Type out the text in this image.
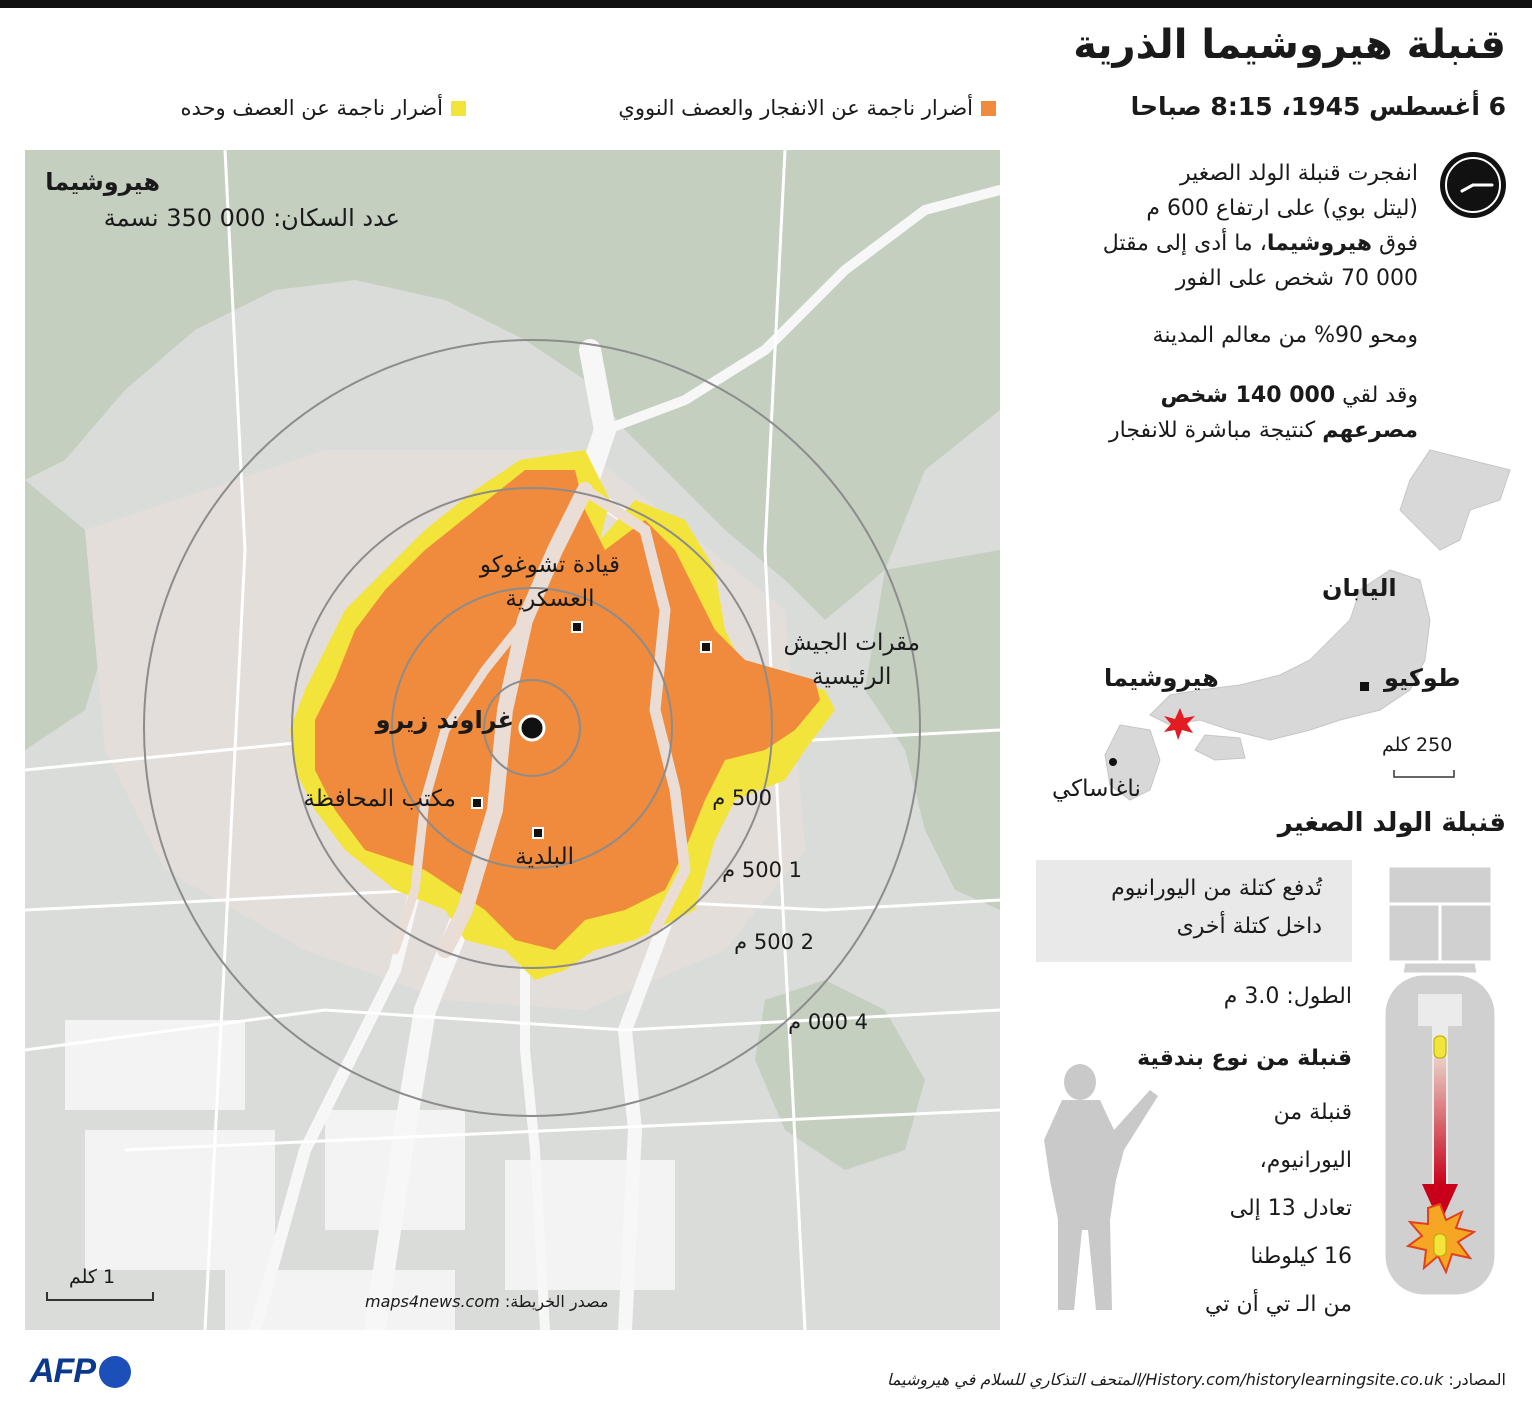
قنبلة هيروشيما الذرية
6 أغسطس 1945، 8:15 صباحا
أضرار ناجمة عن الانفجار والعصف النووي
أضرار ناجمة عن العصف وحده
انفجرت قنبلة الولد الصغير
(ليتل بوي) على ارتفاع 600 م
فوق هيروشيما، ما أدى إلى مقتل
000 70 شخص على الفور
ومحو 90% من معالم المدينة
وقد لقي 000 140 شخص
مصرعهم كنتيجة مباشرة للانفجار
هيروشيما
عدد السكان: 000 350 نسمة
غراوند زيرو
قيادة تشوغوكو
العسكرية
مقرات الجيش
الرئيسية
مكتب المحافظة
البلدية
500 م
1 500 م
2 500 م
4 000 م
1 كلم
مصدر الخريطة: maps4news.com
اليابان
هيروشيما	طوكيو
ناغاساكي
250 كلم
قنبلة الولد الصغير
تُدفع كتلة من اليورانيوم
داخل كتلة أخرى
الطول: 3.0 م
قنبلة من نوع بندقية
قنبلة من
اليورانيوم،
تعادل 13 إلى
16 كيلوطنا
من الـ تي أن تي
المصادر: History.com/historylearningsite.co.uk/المتحف التذكاري للسلام في هيروشيما
AFP
